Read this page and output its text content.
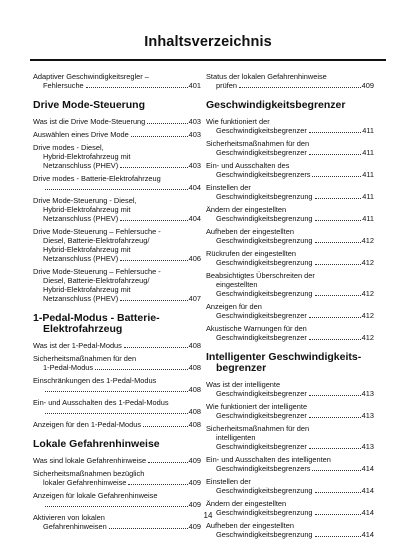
Inhaltsverzeichnis
Adaptiver Geschwindigkeitsregler –
Fehlersuche	401
Drive Mode-Steuerung
Was ist die Drive Mode-Steuerung	403
Auswählen eines Drive Mode	403
Drive modes - Diesel,
Hybrid-Elektrofahrzeug mit
Netzanschluss (PHEV)	403
Drive modes - Batterie-Elektrofahrzeug
404
Drive Mode-Steuerung - Diesel,
Hybrid-Elektrofahrzeug mit
Netzanschluss (PHEV)	404
Drive Mode-Steuerung – Fehlersuche -
Diesel, Batterie-Elektrofahrzeug/
Hybrid-Elektrofahrzeug mit
Netzanschluss (PHEV)	406
Drive Mode-Steuerung – Fehlersuche -
Diesel, Batterie-Elektrofahrzeug/
Hybrid-Elektrofahrzeug mit
Netzanschluss (PHEV)	407
1-Pedal-Modus - Batterie-
Elektrofahrzeug
Was ist der 1-Pedal-Modus	408
Sicherheitsmaßnahmen für den
1-Pedal-Modus	408
Einschränkungen des 1-Pedal-Modus
408
Ein- und Ausschalten des 1-Pedal-Modus
408
Anzeigen für den 1-Pedal-Modus	408
Lokale Gefahrenhinweise
Was sind lokale Gefahrenhinweise	409
Sicherheitsmaßnahmen bezüglich
lokaler Gefahrenhinweise	409
Anzeigen für lokale Gefahrenhinweise
409
Aktivieren von lokalen
Gefahrenhinweisen	409
Status der lokalen Gefahrenhinweise
prüfen	409
Geschwindigkeitsbegrenzer
Wie funktioniert der
Geschwindigkeitsbegrenzer	411
Sicherheitsmaßnahmen für den
Geschwindigkeitsbegrenzer	411
Ein- und Ausschalten des
Geschwindigkeitsbegrenzers	411
Einstellen der
Geschwindigkeitsbegrenzung	411
Ändern der eingestellten
Geschwindigkeitsbegrenzung	411
Aufheben der eingestellten
Geschwindigkeitsbegrenzung	412
Rückrufen der eingestellten
Geschwindigkeitsbegrenzung	412
Beabsichtigtes Überschreiten der
eingestellten
Geschwindigkeitsbegrenzung	412
Anzeigen für den
Geschwindigkeitsbegrenzer	412
Akustische Warnungen für den
Geschwindigkeitsbegrenzer	412
Intelligenter Geschwindigkeits-
begrenzer
Was ist der intelligente
Geschwindigkeitsbegrenzer	413
Wie funktioniert der intelligente
Geschwindigkeitsbegrenzer	413
Sicherheitsmaßnahmen für den
intelligenten
Geschwindigkeitsbegrenzer	413
Ein- und Ausschalten des intelligenten
Geschwindigkeitsbegrenzers	414
Einstellen der
Geschwindigkeitsbegrenzung	414
Ändern der eingestellten
Geschwindigkeitsbegrenzung	414
Aufheben der eingestellten
Geschwindigkeitsbegrenzung	414
14
